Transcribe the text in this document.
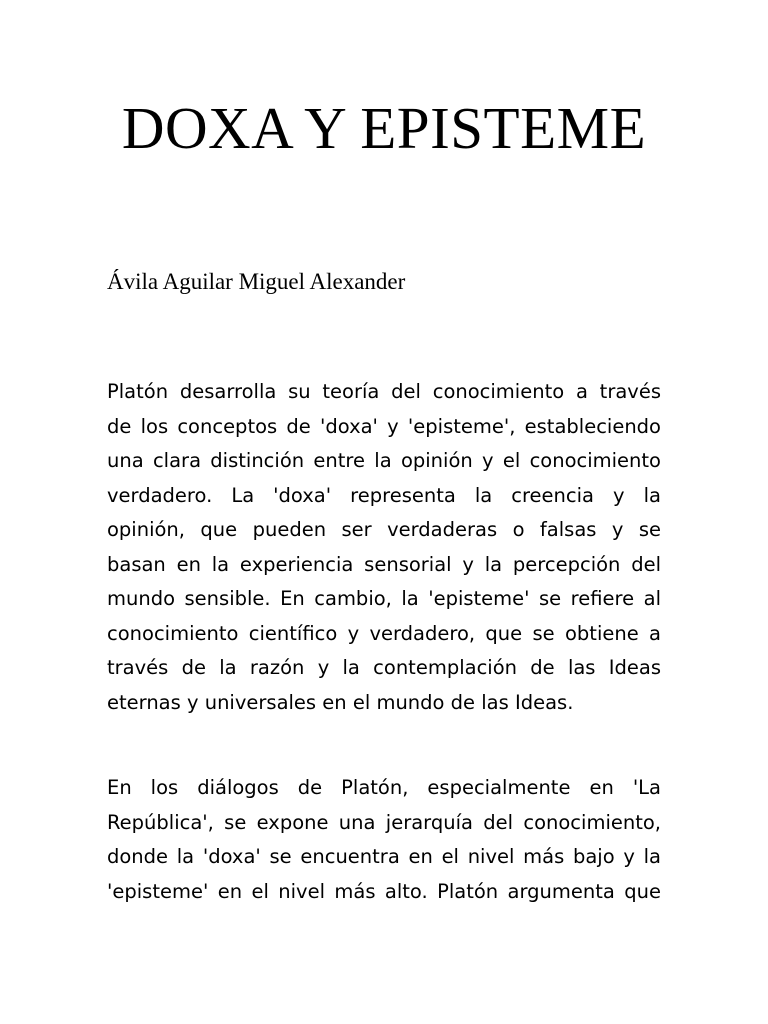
DOXA Y EPISTEME

Ávila Aguilar Miguel Alexander

Platón desarrolla su teoría del conocimiento a través
de los conceptos de 'doxa' y 'episteme', estableciendo
una clara distinción entre la opinión y el conocimiento
verdadero. La 'doxa' representa la creencia y la
opinión, que pueden ser verdaderas o falsas y se
basan en la experiencia sensorial y la percepción del
mundo sensible. En cambio, la 'episteme' se refiere al
conocimiento científico y verdadero, que se obtiene a
través de la razón y la contemplación de las Ideas
eternas y universales en el mundo de las Ideas.

En los diálogos de Platón, especialmente en 'La
República', se expone una jerarquía del conocimiento,
donde la 'doxa' se encuentra en el nivel más bajo y la
'episteme' en el nivel más alto. Platón argumenta que
